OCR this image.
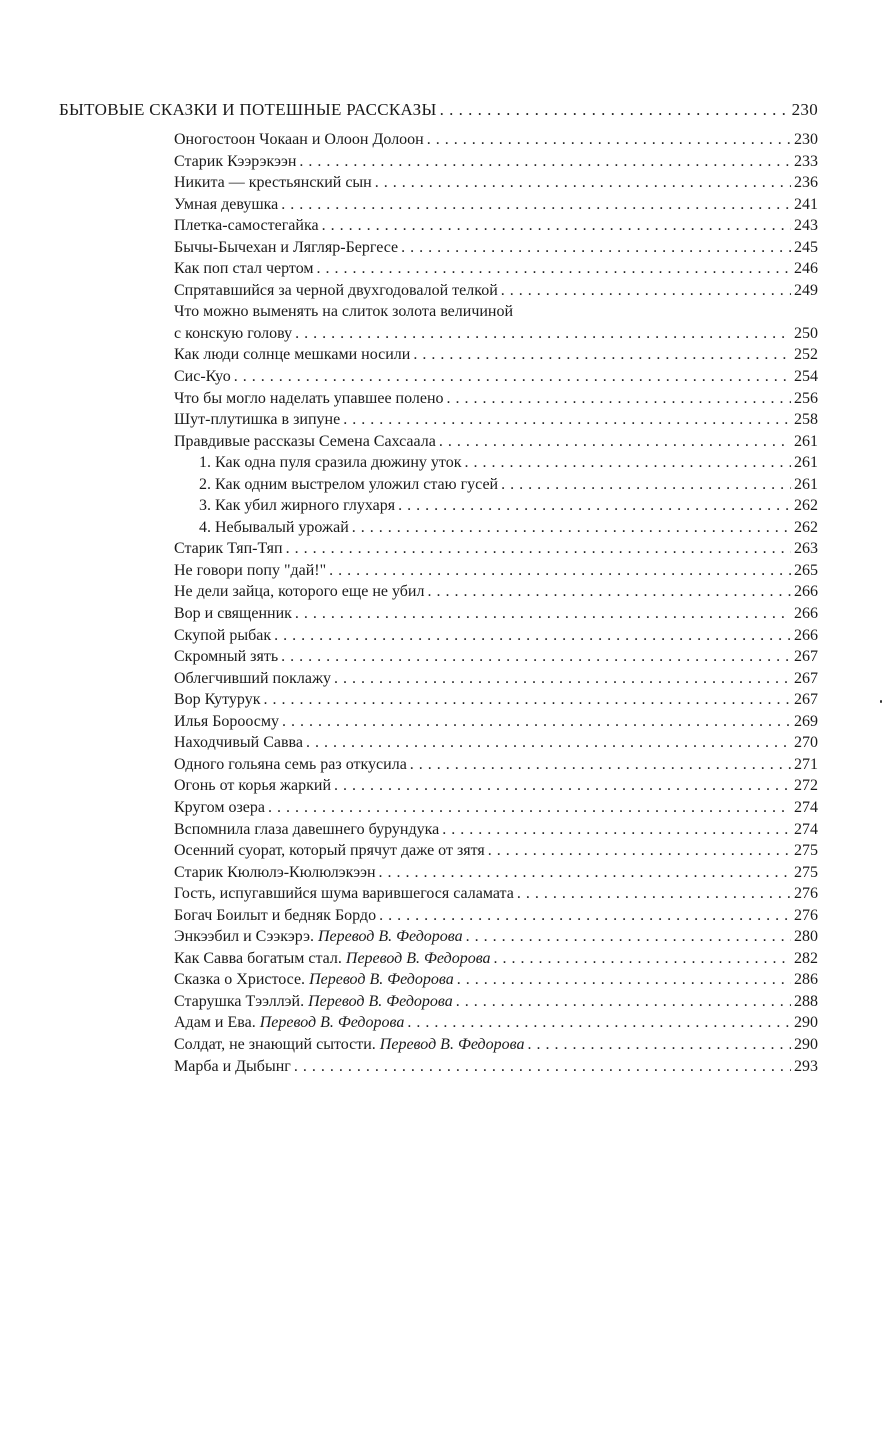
БЫТОВЫЕ СКАЗКИ И ПОТЕШНЫЕ РАССКАЗЫ . . .	230
Оногостоон Чокаан и Олоон Долоон . . .	230
Старик Кээрэкээн . . .	233
Никита — крестьянский сын . . .	236
Умная девушка . . .	241
Плетка-самостегайка . . .	243
Бычы-Бычехан и Лягляр-Бергесе . . .	245
Как поп стал чертом . . .	246
Спрятавшийся за черной двухгодовалой телкой . . .	249
Что можно выменять на слиток золота величиной
с конскую голову . . .	250
Как люди солнце мешками носили . . .	252
Сис-Куо . . .	254
Что бы могло наделать упавшее полено . . .	256
Шут-плутишка в зипуне . . .	258
Правдивые рассказы Семена Сахсаала . . .	261
1. Как одна пуля сразила дюжину уток . . .	261
2. Как одним выстрелом уложил стаю гусей . . .	261
3. Как убил жирного глухаря . . .	262
4. Небывалый урожай . . .	262
Старик Тяп-Тяп . . .	263
Не говори попу "дай!" . . .	265
Не дели зайца, которого еще не убил . . .	266
Вор и священник . . .	266
Скупой рыбак . . .	266
Скромный зять . . .	267
Облегчивший поклажу . . .	267
Вор Кутурук . . .	267
Илья Бороосму . . .	269
Находчивый Савва . . .	270
Одного гольяна семь раз откусила . . .	271
Огонь от корья жаркий . . .	272
Кругом озера . . .	274
Вспомнила глаза давешнего бурундука . . .	274
Осенний суорат, который прячут даже от зятя . . .	275
Старик Кюлюлэ-Кюлюлэкээн . . .	275
Гость, испугавшийся шума варившегося саламата . . .	276
Богач Боилыт и бедняк Бордо . . .	276
Энкээбил и Сээкэрэ. Перевод В. Федорова . . .	280
Как Савва богатым стал. Перевод В. Федорова . . .	282
Сказка о Христосе. Перевод В. Федорова . . .	286
Старушка Тээллэй. Перевод В. Федорова . . .	288
Адам и Ева. Перевод В. Федорова . . .	290
Солдат, не знающий сытости. Перевод В. Федорова . . .	290
Марба и Дыбынг . . .	293
